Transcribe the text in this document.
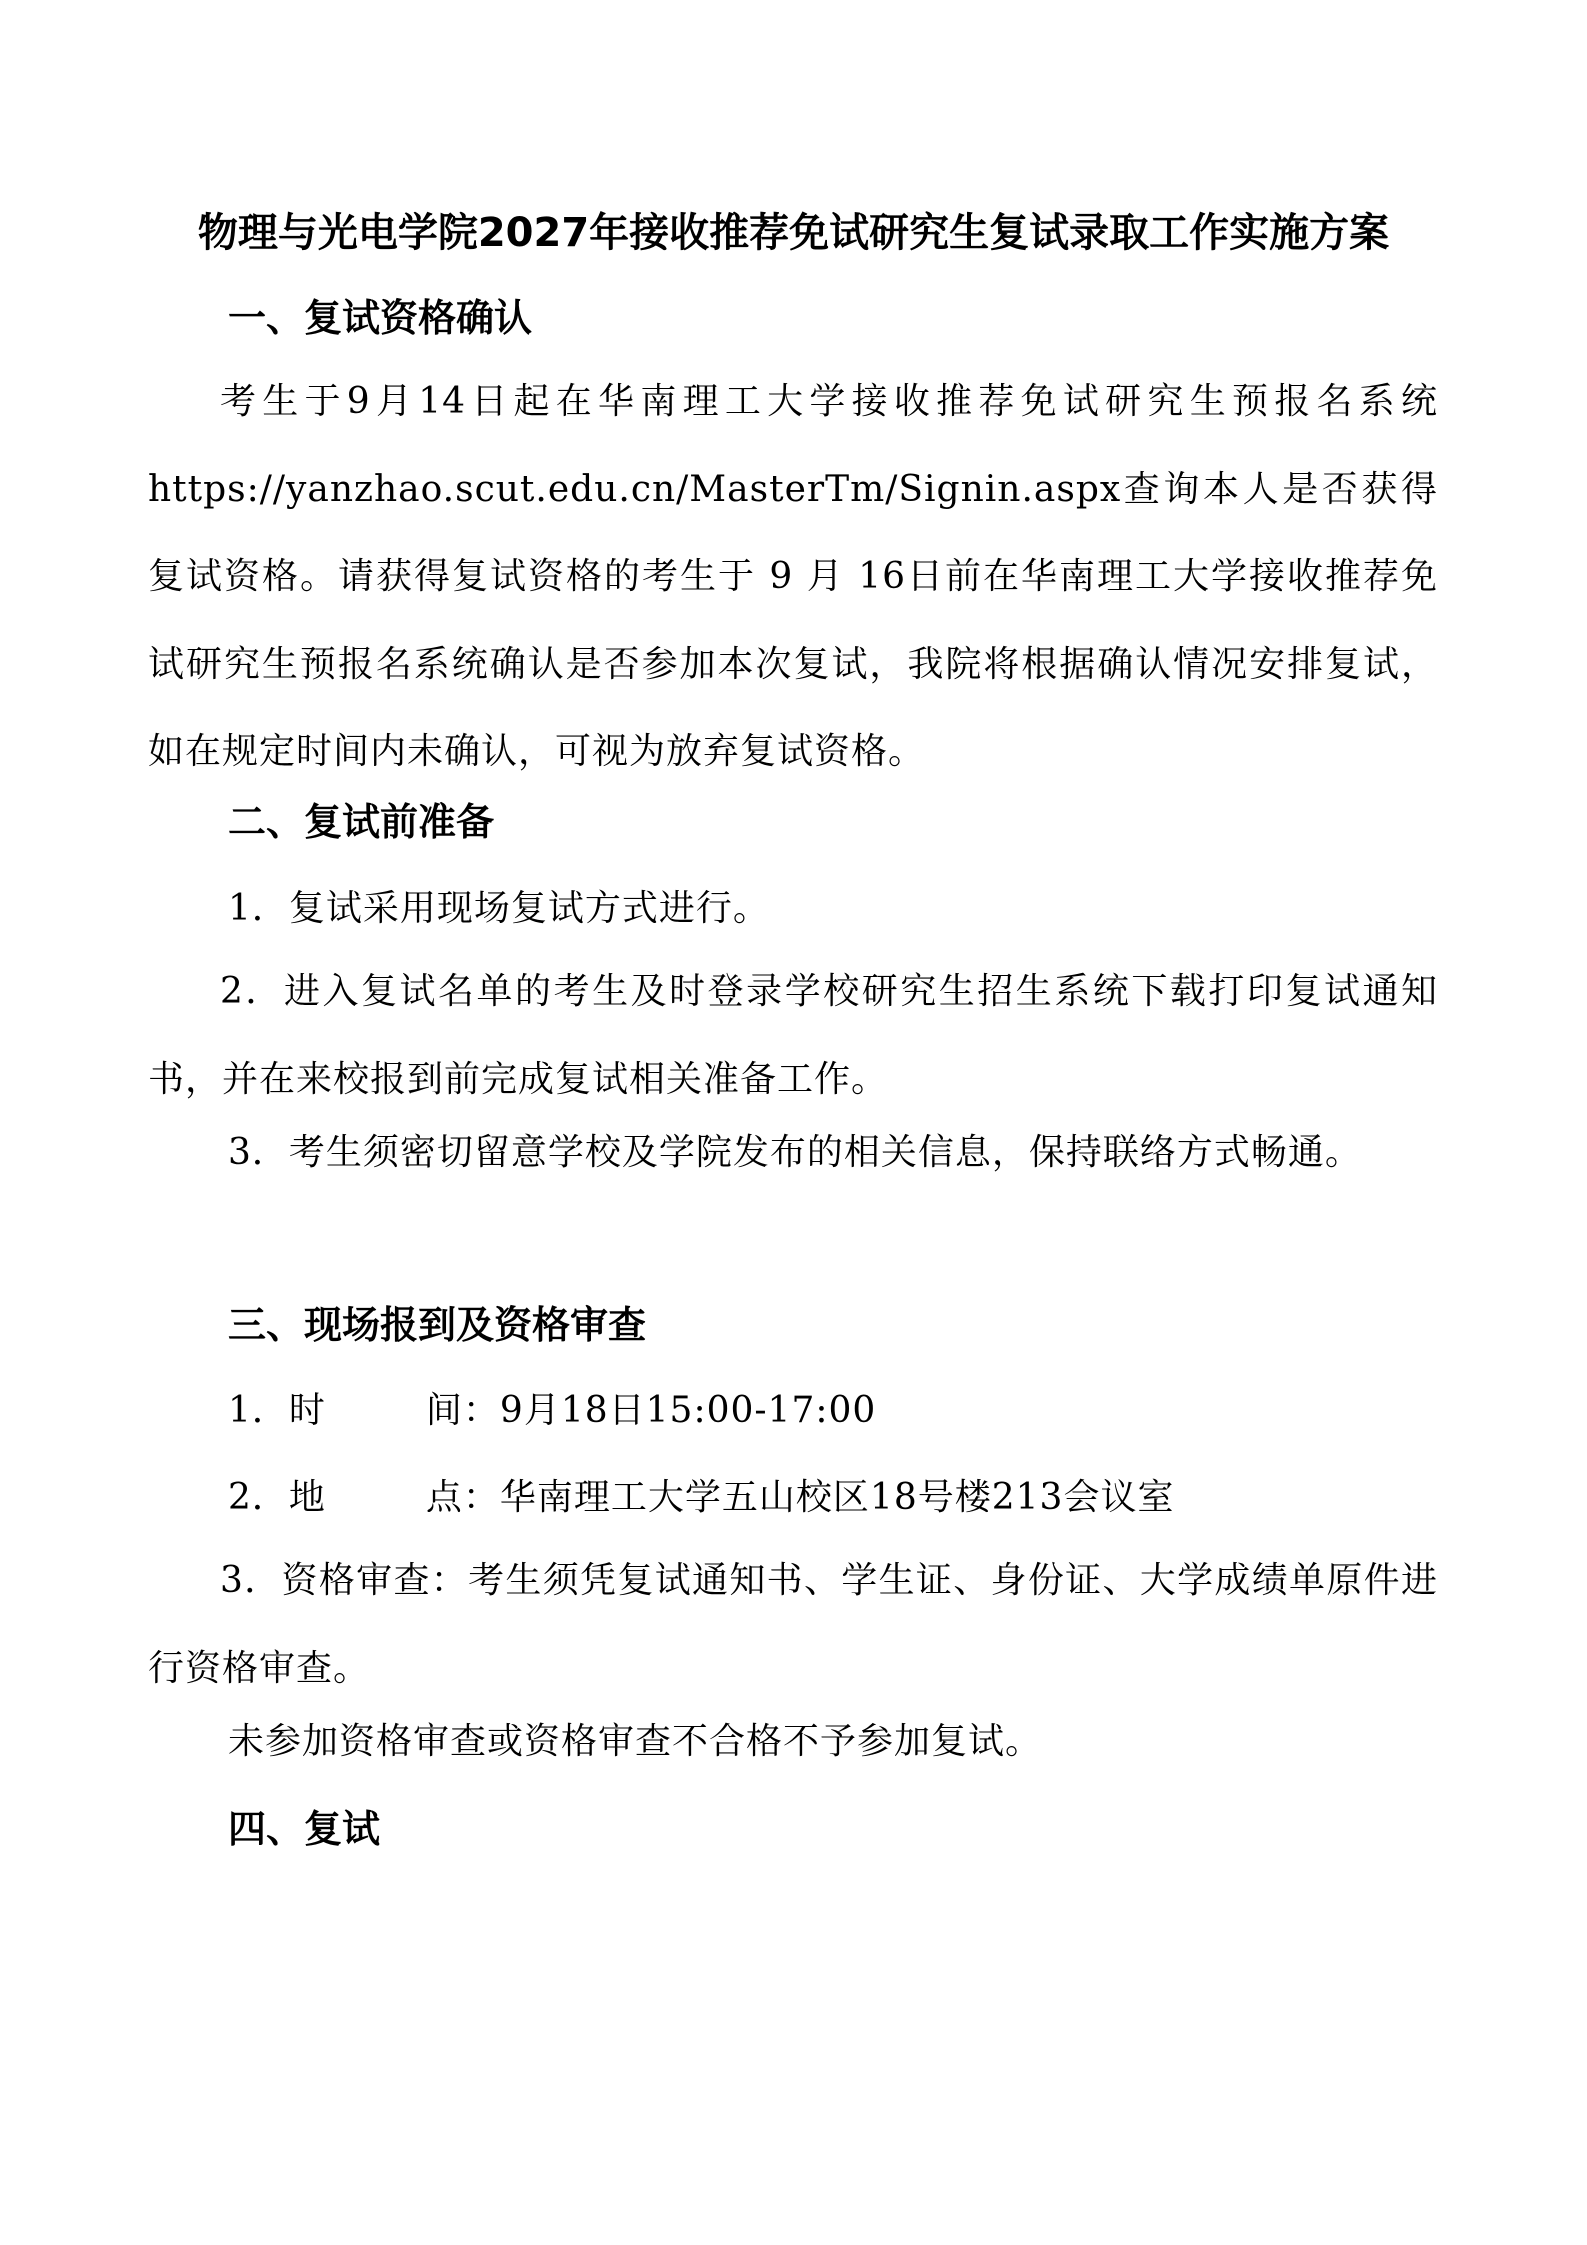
物理与光电学院2027年接收推荐免试研究生复试录取工作实施方案
一、复试资格确认
考生于9月14日起在华南理工大学接收推荐免试研究生预报名系统https://yanzhao.scut.edu.cn/MasterTm/Signin.aspx查询本人是否获得复试资格。请获得复试资格的考生于 9 月 16日前在华南理工大学接收推荐免试研究生预报名系统确认是否参加本次复试，我院将根据确认情况安排复试，如在规定时间内未确认，可视为放弃复试资格。
二、复试前准备
1．复试采用现场复试方式进行。
2．进入复试名单的考生及时登录学校研究生招生系统下载打印复试通知书，并在来校报到前完成复试相关准备工作。
3．考生须密切留意学校及学院发布的相关信息，保持联络方式畅通。
三、现场报到及资格审查
1．时	间：9月18日15:00-17:00
2．地	点：华南理工大学五山校区18号楼213会议室
3．资格审查：考生须凭复试通知书、学生证、身份证、大学成绩单原件进行资格审查。
未参加资格审查或资格审查不合格不予参加复试。
四、复试
